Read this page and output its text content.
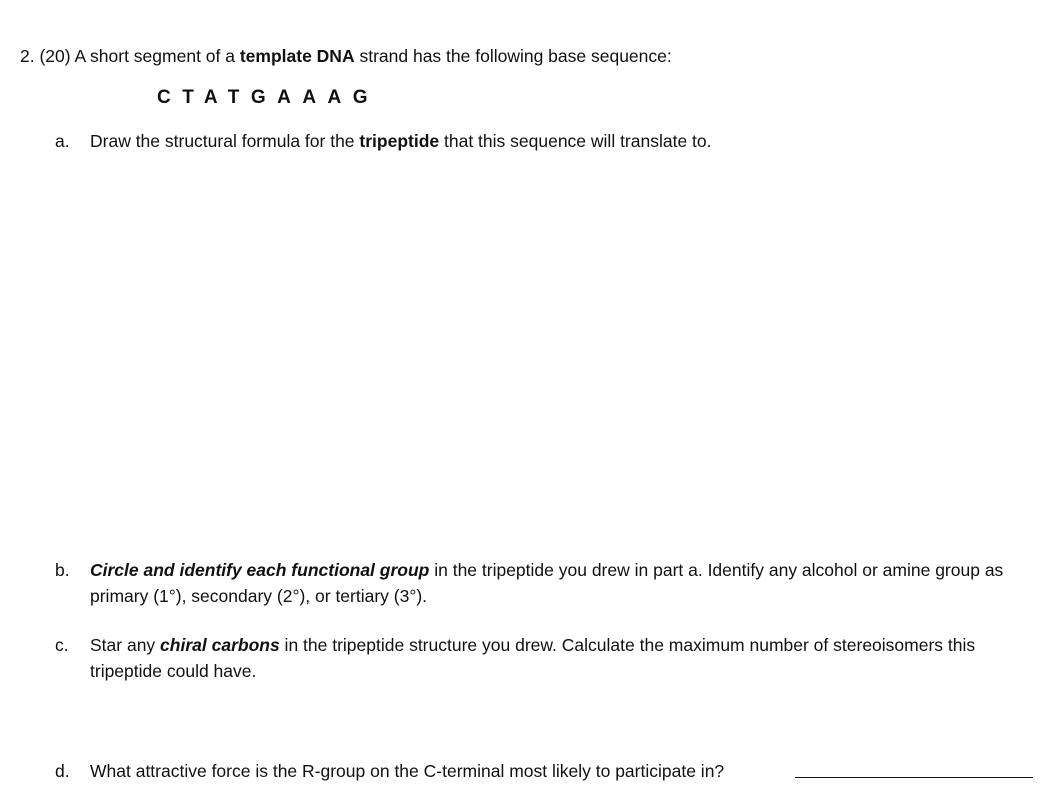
2. (20) A short segment of a template DNA strand has the following base sequence:
CTATGAAAG
a. Draw the structural formula for the tripeptide that this sequence will translate to.
b. Circle and identify each functional group in the tripeptide you drew in part a. Identify any alcohol or amine group as primary (1°), secondary (2°), or tertiary (3°).
c. Star any chiral carbons in the tripeptide structure you drew. Calculate the maximum number of stereoisomers this tripeptide could have.
d. What attractive force is the R-group on the C-terminal most likely to participate in?
